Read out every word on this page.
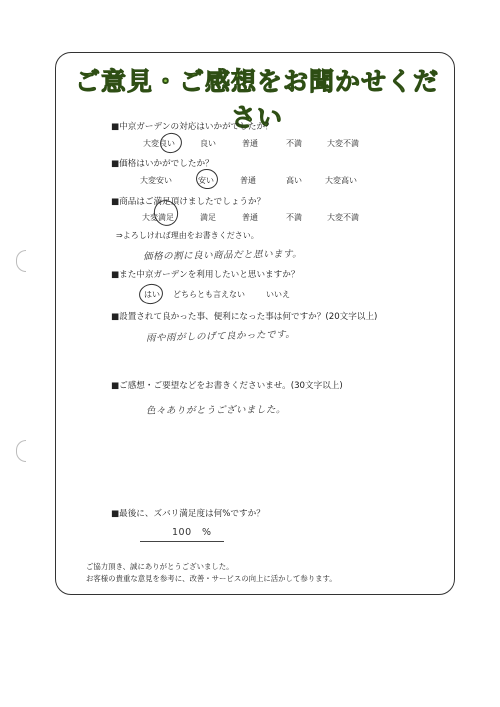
ご意見・ご感想をお聞かせください
■中京ガーデンの対応はいかがでしたか？
大変良い	良い	普通	不満	大変不満
■価格はいかがでしたか？
大変安い	安い	普通	高い	大変高い
■商品はご満足頂けましたでしょうか？
大変満足	満足	普通	不満	大変不満
⇒よろしければ理由をお書きください。
価格の割に良い商品だと思います。
■また中京ガーデンを利用したいと思いますか？
はい どちらとも言えない	いいえ
■設置されて良かった事、便利になった事は何ですか？(20文字以上)
雨や雨がしのげて良かったです。
■ご感想・ご要望などをお書きくださいませ。(30文字以上)
色々ありがとうございました。
■最後に、ズバリ満足度は何%ですか？
100 %
ご協力頂き、誠にありがとうございました。
お客様の貴重な意見を参考に、改善・サービスの向上に活かして参ります。
